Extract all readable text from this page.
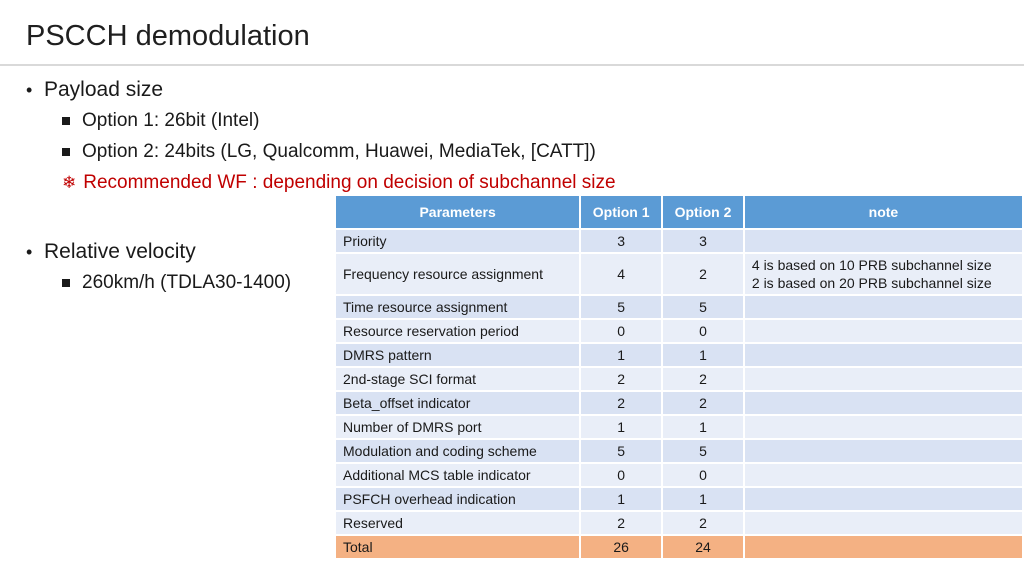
PSCCH demodulation
• Payload size
Option 1: 26bit (Intel)
Option 2: 24bits (LG, Qualcomm, Huawei, MediaTek, [CATT])
❄ Recommended WF : depending on decision of subchannel size
• Relative velocity
260km/h (TDLA30-1400)
Parameters	Option 1	Option 2	note
Priority	3	3	
Frequency resource assignment	4	2	4 is based on 10 PRB subchannel size
2 is based on 20 PRB subchannel size

Time resource assignment	5	5	
Resource reservation period	0	0	
DMRS pattern	1	1	
2nd-stage SCI format	2	2	
Beta_offset indicator	2	2	
Number of DMRS port	1	1	
Modulation and coding scheme	5	5	
Additional MCS table indicator	0	0	
PSFCH overhead indication	1	1	
Reserved	2	2	
Total	26	24	
